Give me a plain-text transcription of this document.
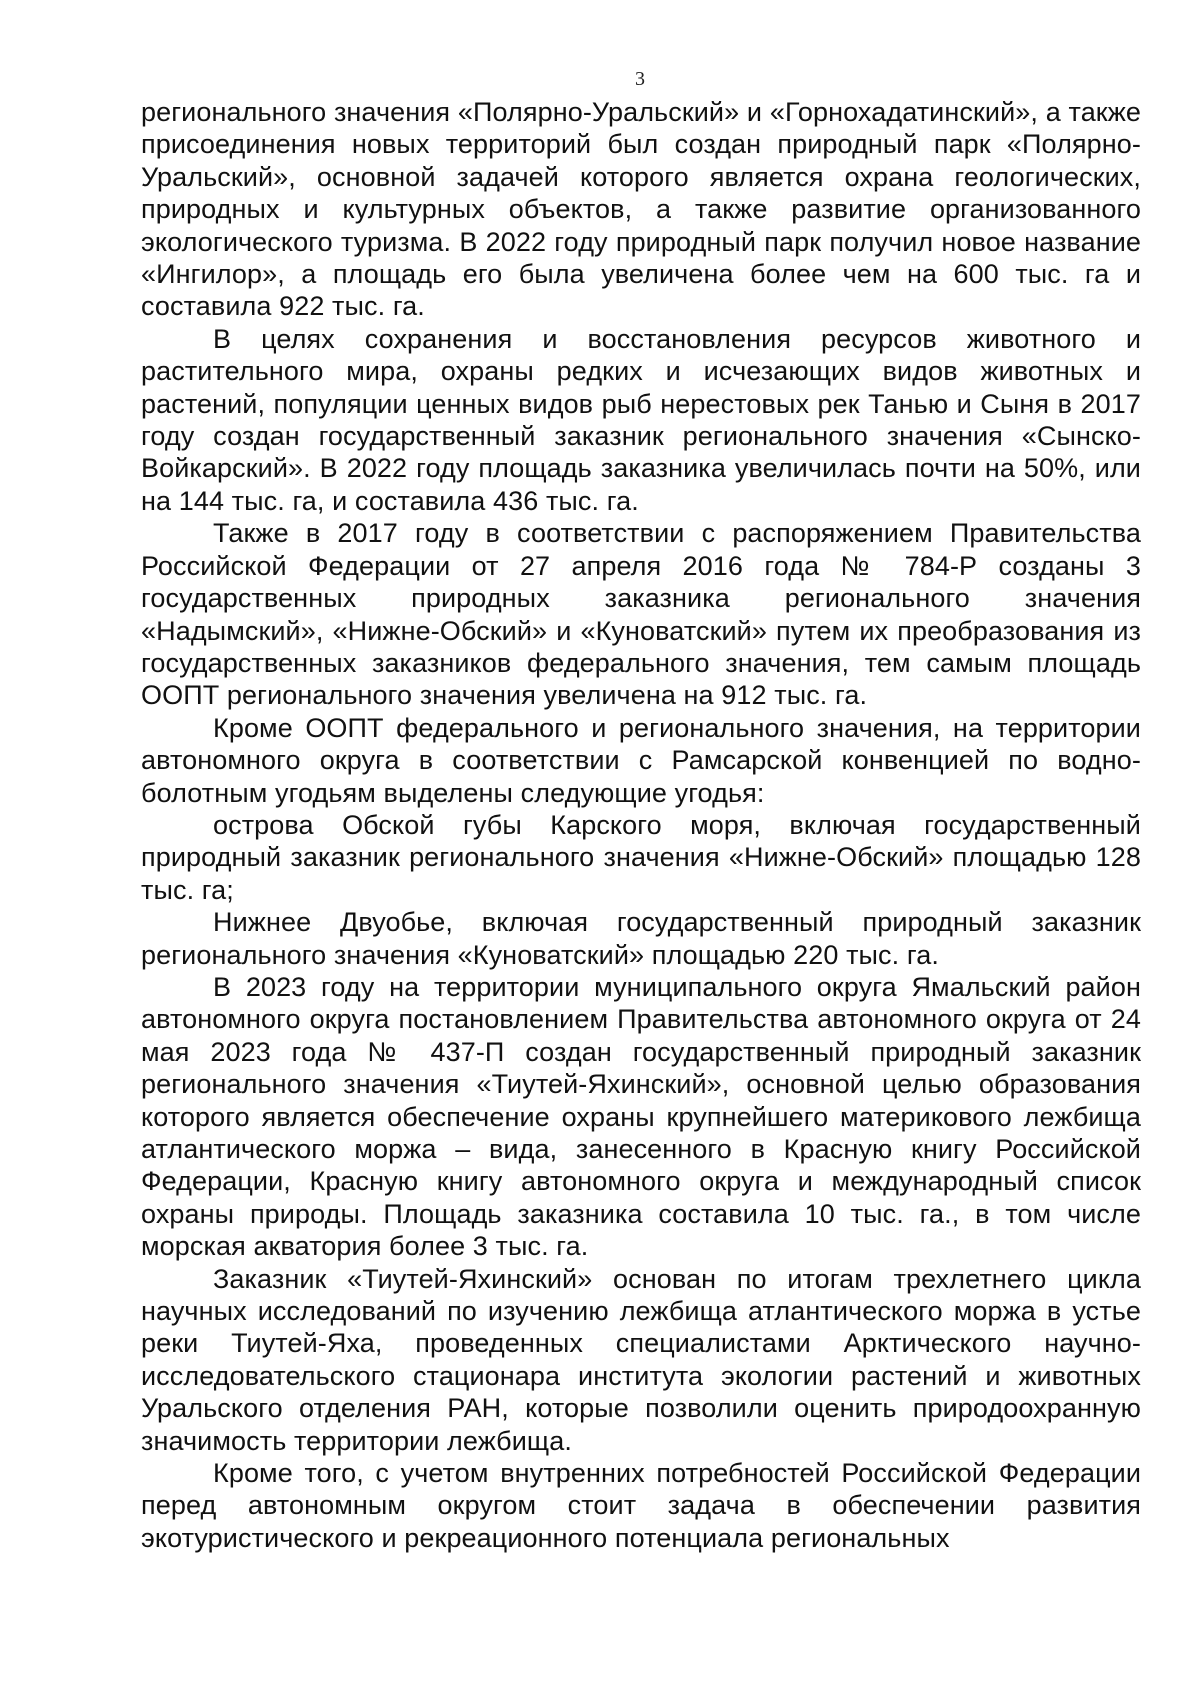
3

регионального значения «Полярно-Уральский» и «Горнохадатинский», а также присоединения новых территорий был создан природный парк «Полярно-Уральский», основной задачей которого является охрана геологических, природных и культурных объектов, а также развитие организованного экологического туризма. В 2022 году природный парк получил новое название «Ингилор», а площадь его была увеличена более чем на 600 тыс. га и составила 922 тыс. га.

В целях сохранения и восстановления ресурсов животного и растительного мира, охраны редких и исчезающих видов животных и растений, популяции ценных видов рыб нерестовых рек Танью и Сыня в 2017 году создан государственный заказник регионального значения «Сынско-Войкарский». В 2022 году площадь заказника увеличилась почти на 50%, или на 144 тыс. га, и составила 436 тыс. га.

Также в 2017 году в соответствии с распоряжением Правительства Российской Федерации от 27 апреля 2016 года № 784-Р созданы 3 государственных природных заказника регионального значения «Надымский», «Нижне-Обский» и «Куноватский» путем их преобразования из государственных заказников федерального значения, тем самым площадь ООПТ регионального значения увеличена на 912 тыс. га.

Кроме ООПТ федерального и регионального значения, на территории автономного округа в соответствии с Рамсарской конвенцией по водно-болотным угодьям выделены следующие угодья:

острова Обской губы Карского моря, включая государственный природный заказник регионального значения «Нижне-Обский» площадью 128 тыс. га;

Нижнее Двуобье, включая государственный природный заказник регионального значения «Куноватский» площадью 220 тыс. га.

В 2023 году на территории муниципального округа Ямальский район автономного округа постановлением Правительства автономного округа от 24 мая 2023 года № 437-П создан государственный природный заказник регионального значения «Тиутей-Яхинский», основной целью образования которого является обеспечение охраны крупнейшего материкового лежбища атлантического моржа – вида, занесенного в Красную книгу Российской Федерации, Красную книгу автономного округа и международный список охраны природы. Площадь заказника составила 10 тыс. га., в том числе морская акватория более 3 тыс. га.

Заказник «Тиутей-Яхинский» основан по итогам трехлетнего цикла научных исследований по изучению лежбища атлантического моржа в устье реки Тиутей-Яха, проведенных специалистами Арктического научно-исследовательского стационара института экологии растений и животных Уральского отделения РАН, которые позволили оценить природоохранную значимость территории лежбища.

Кроме того, с учетом внутренних потребностей Российской Федерации перед автономным округом стоит задача в обеспечении развития экотуристического и рекреационного потенциала региональных
